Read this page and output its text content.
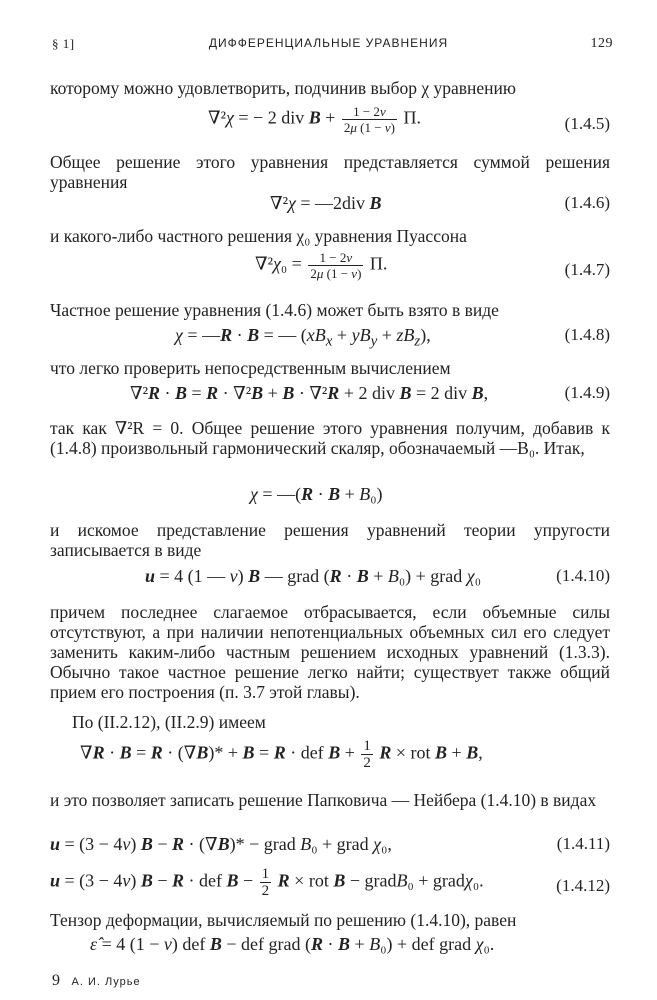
§ 1]	ДИФФЕРЕНЦИАЛЬНЫЕ УРАВНЕНИЯ	129
которому можно удовлетворить, подчинив выбор χ уравнению
∇²χ = − 2 div $B + \frac{1 - 2\nu}{2\mu (1 - \nu)} П$.	(1.4.5)
Общее решение этого уравнения представляется суммой решения уравнения
∇²χ = —2div B	(1.4.6)
и какого-либо частного решения χ₀ уравнения Пуассона
$\nabla^2\chi_0 = \frac{1 - 2\nu}{2\mu (1 - \nu)} П$.	(1.4.7)
Частное решение уравнения (1.4.6) может быть взято в виде
χ = —R · B = — $(xB_x + yB_y + zB_z)$,	(1.4.8)
что легко проверить непосредственным вычислением
∇²R · B = R · ∇²B + B · ∇²R + 2 div B = 2 div B,	(1.4.9)
так как ∇²R = 0. Общее решение этого уравнения получим, добавив к (1.4.8) произвольный гармонический скаляр, обозначаемый —B₀. Итак,
χ = —(R · B + B₀)
и искомое представление решения уравнений теории упругости записывается в виде
u = 4 (1 — ν) B — grad (R · B + B₀) + grad χ₀	(1.4.10)
причем последнее слагаемое отбрасывается, если объемные силы отсутствуют, а при наличии непотенциальных объемных сил его следует заменить каким-либо частным решением исходных уравнений (1.3.3). Обычно такое частное решение легко найти; существует также общий прием его построения (п. 3.7 этой главы).
По (II.2.12), (II.2.9) имеем
∇R · B = R · (∇B)* + B = R · def $B + \frac{1}{2}$ R × rot B + B,
и это позволяет записать решение Папковича — Нейбера (1.4.10) в видах
u = (3 − 4ν) B − R · (∇B)* − grad B₀ + grad χ₀,	(1.4.11)
u = (3 − 4ν) B − R · def $B - \frac{1}{2}$ R × rot B − gradB₀ + gradχ₀.	(1.4.12)
Тензор деформации, вычисляемый по решению (1.4.10), равен
ε̂ = 4 (1 − ν) def B − def grad (R · B + B₀) + def grad χ₀.
9 А. И. Лурье
